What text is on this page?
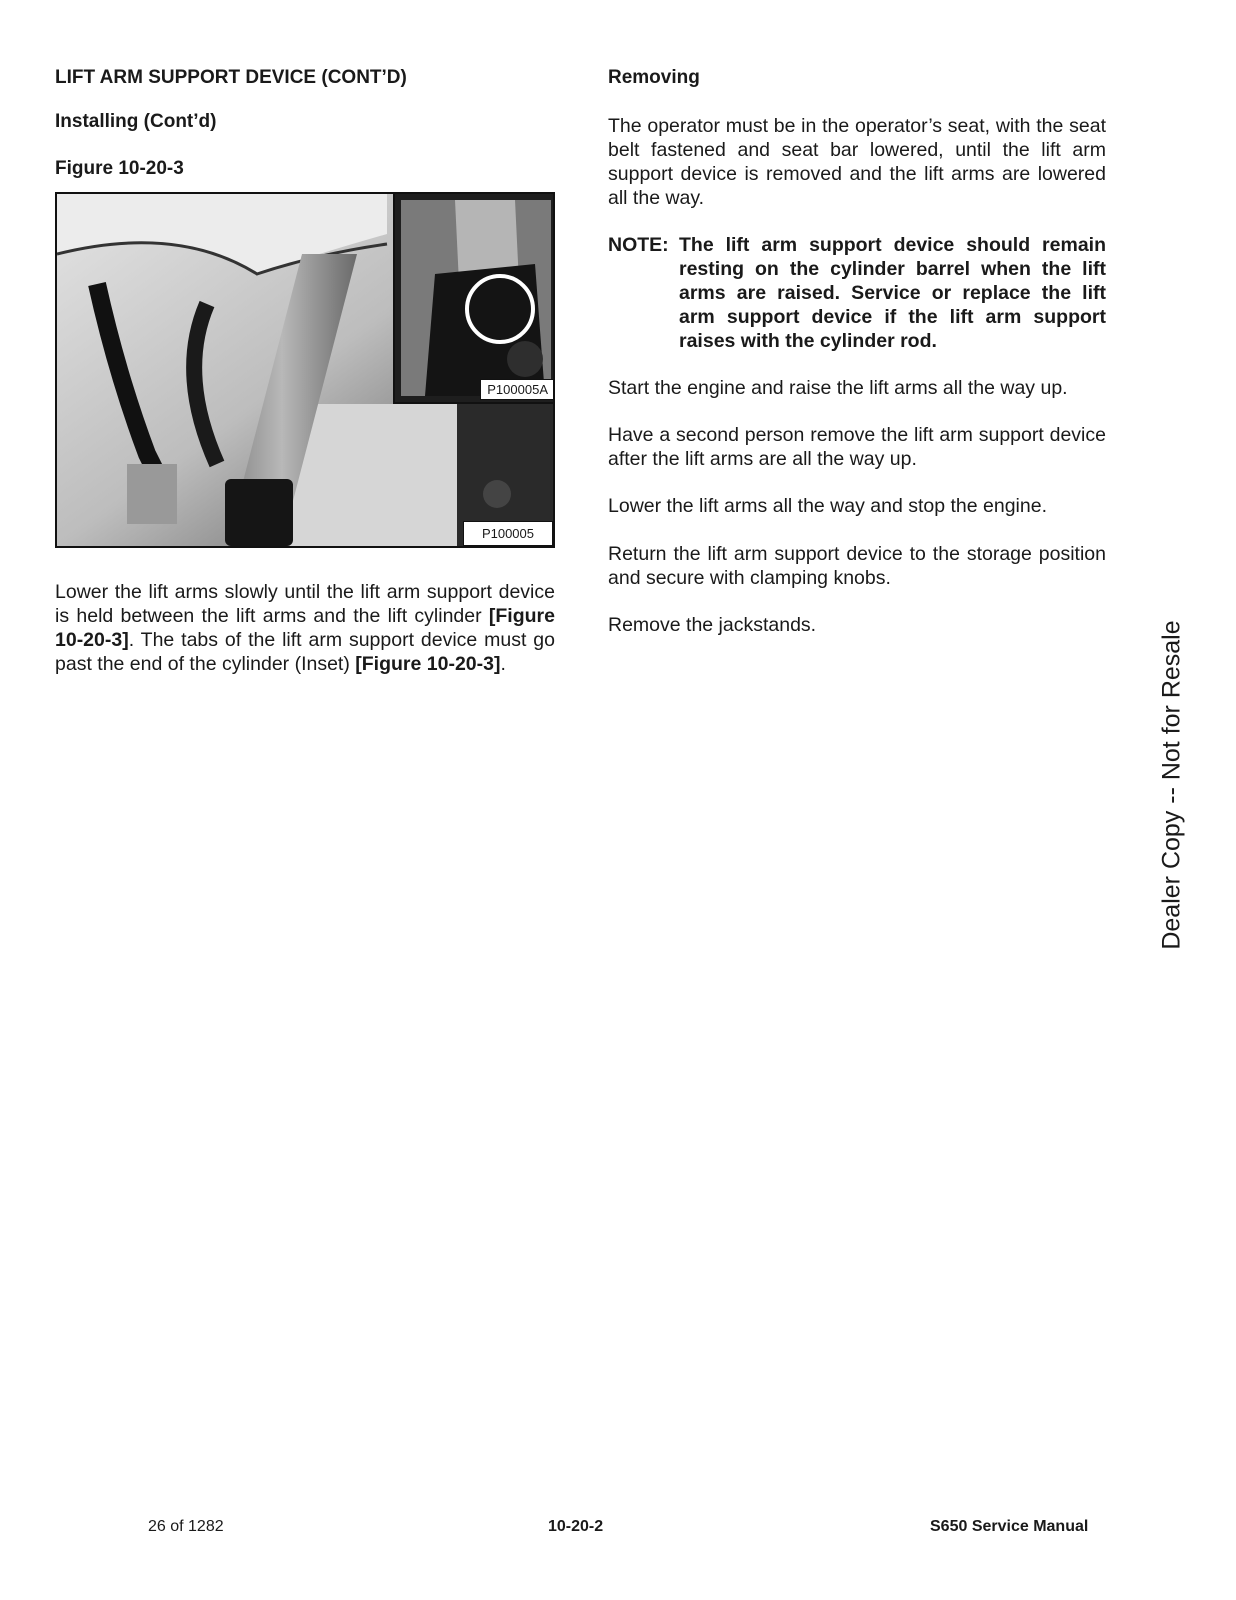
LIFT ARM SUPPORT DEVICE (CONT’D)
Installing (Cont’d)
Figure 10-20-3
P100005A
P100005

Lower the lift arms slowly until the lift arm support device is held between the lift arms and the lift cylinder [Figure 10-20-3]. The tabs of the lift arm support device must go past the end of the cylinder (Inset) [Figure 10-20-3].

Removing

The operator must be in the operator’s seat, with the seat belt fastened and seat bar lowered, until the lift arm support device is removed and the lift arms are lowered all the way.

NOTE: The lift arm support device should remain resting on the cylinder barrel when the lift arms are raised. Service or replace the lift arm support device if the lift arm support raises with the cylinder rod.

Start the engine and raise the lift arms all the way up.

Have a second person remove the lift arm support device after the lift arms are all the way up.

Lower the lift arms all the way and stop the engine.

Return the lift arm support device to the storage position and secure with clamping knobs.

Remove the jackstands.	Dealer Copy -- Not for Resale
26 of 1282	10-20-2	S650 Service Manual
